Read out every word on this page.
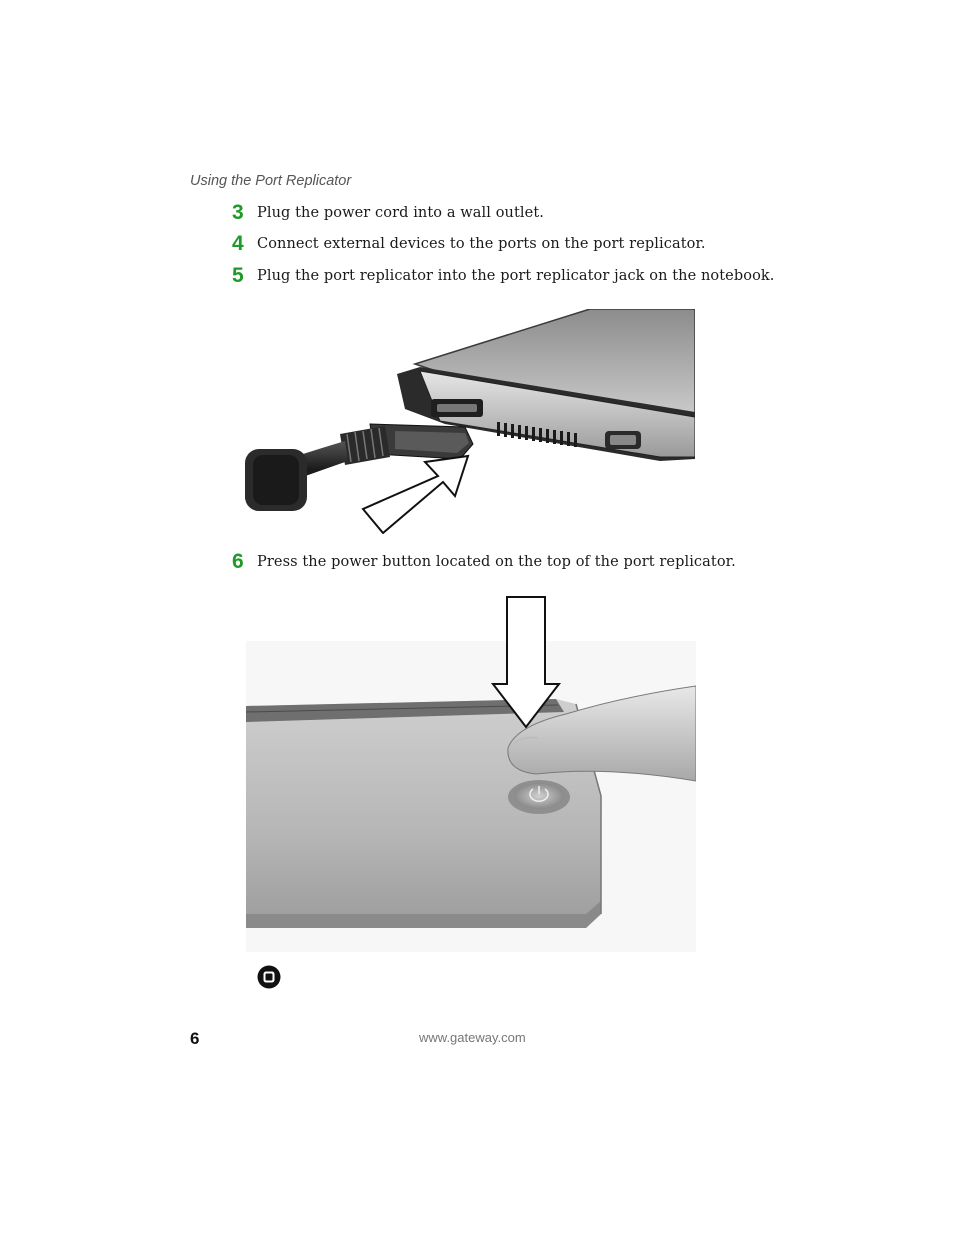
Using the Port Replicator
3 Plug the power cord into a wall outlet.
4 Connect external devices to the ports on the port replicator.
5 Plug the port replicator into the port replicator jack on the notebook.
6 Press the power button located on the top of the port replicator.
6	www.gateway.com
